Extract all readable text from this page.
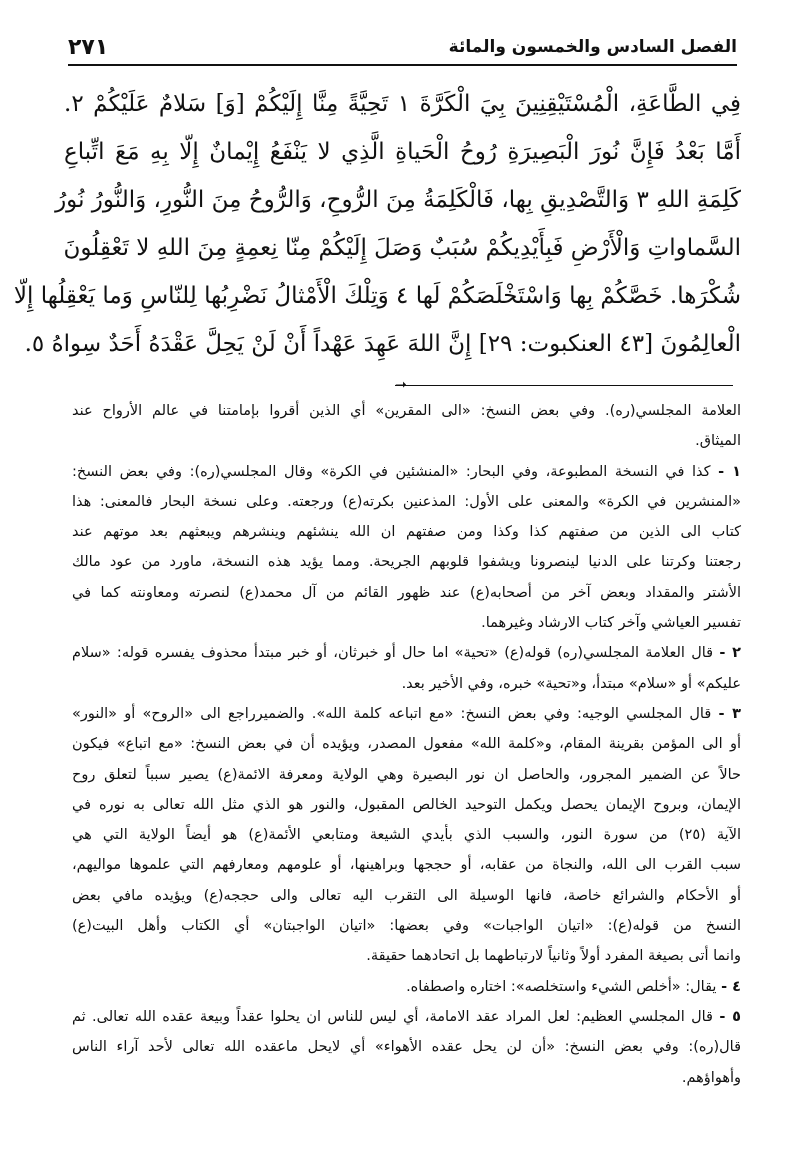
الفصل السادس والخمسون والمائة
٢٧١
فِي الطَّاعَةِ، الْمُسْتَيْقِنِينَ بِيَ الْكَرَّةَ ١ تَحِيَّةً مِنَّا إِلَيْكُمْ [وَ] سَلامٌ عَلَيْكُمْ ٢.
أَمَّا بَعْدُ فَإِنَّ نُورَ الْبَصِيرَةِ رُوحُ الْحَياةِ الَّذِي لا يَنْفَعُ إِيْمانٌ إِلّا بِهِ مَعَ اتِّباعِ
كَلِمَةِ اللهِ ٣ وَالتَّصْدِيقِ بِها، فَالْكَلِمَةُ مِنَ الرُّوحِ، وَالرُّوحُ مِنَ النُّورِ، وَالنُّورُ نُورُ
السَّماواتِ وَالْأَرْضِ فَبِأَيْدِيكُمْ سُبَبٌ وَصَلَ إِلَيْكُمْ مِنّا نِعمِةٍ مِنَ اللهِ لا تَعْقِلُونَ
شُكْرَها. خَصَّكُمْ بِها وَاسْتَخْلَصَكُمْ لَها ٤ وَتِلْكَ الْأَمْثالُ نَضْرِبُها لِلنّاسِ وَما يَعْقِلُها إِلّا
الْعالِمُونَ [٤٣ العنكبوت: ٢٩] إِنَّ اللهَ عَهِدَ عَهْداً أَنْ لَنْ يَحِلَّ عَقْدَهُ أَحَدٌ سِواهُ ٥.
➝
العلامة المجلسي(ره). وفي بعض النسخ: «الى المقرين» أي الذين أقروا بإمامتنا في عالم الأرواح عند
الميثاق.
١ - كذا في النسخة المطبوعة، وفي البحار: «المنشئين في الكرة» وقال المجلسي(ره): وفي بعض النسخ:
«المنشرين في الكرة» والمعنى على الأول: المذعنين بكرته(ع) ورجعته. وعلى نسخة البحار فالمعنى: هذا
كتاب الى الذين من صفتهم كذا وكذا ومن صفتهم ان الله ينشئهم وينشرهم ويبعثهم بعد موتهم عند
رجعتنا وكرتنا على الدنيا لينصرونا ويشفوا قلوبهم الجريحة. ومما يؤيد هذه النسخة، ماورد من عود مالك
الأشتر والمقداد وبعض آخر من أصحابه(ع) عند ظهور القائم من آل محمد(ع) لنصرته ومعاونته كما في
تفسير العياشي وآخر كتاب الارشاد وغيرهما.
٢ - قال العلامة المجلسي(ره) قوله(ع) «تحية» اما حال أو خبرثان، أو خبر مبتدأ محذوف يفسره قوله: «سلام
عليكم» أو «سلام» مبتدأ، و«تحية» خبره، وفي الأخير بعد.
٣ - قال المجلسي الوجيه: وفي بعض النسخ: «مع اتباعه كلمة الله». والضميرراجع الى «الروح» أو «النور»
أو الى المؤمن بقرينة المقام، و«كلمة الله» مفعول المصدر، ويؤيده أن في بعض النسخ: «مع اتباع» فيكون
حالاً عن الضمير المجرور، والحاصل ان نور البصيرة وهي الولاية ومعرفة الائمة(ع) يصير سبباً لتعلق روح
الإيمان، وبروح الإيمان يحصل ويكمل التوحيد الخالص المقبول، والنور هو الذي مثل الله تعالى به نوره في
الآية (٢٥) من سورة النور، والسبب الذي بأيدي الشيعة ومتابعي الأئمة(ع) هو أيضاً الولاية التي هي
سبب القرب الى الله، والنجاة من عقابه، أو حججها وبراهينها، أو علومهم ومعارفهم التي علموها مواليهم،
أو الأحكام والشرائع خاصة، فانها الوسيلة الى التقرب اليه تعالى والى حججه(ع) ويؤيده مافي بعض
النسخ من قوله(ع): «اتيان الواجبات» وفي بعضها: «اتيان الواجبتان» أي الكتاب وأهل البيت(ع)
وانما أتى بصيغة المفرد أولاً وثانياً لارتباطهما بل اتحادهما حقيقة.
٤ - يقال: «أخلص الشيء واستخلصه»: اختاره واصطفاه.
٥ - قال المجلسي العظيم: لعل المراد عقد الامامة، أي ليس للناس ان يحلوا عقداً وبيعة عقده الله تعالى. ثم
قال(ره): وفي بعض النسخ: «أن لن يحل عقده الأهواء» أي لايحل ماعقده الله تعالى لأحد آراء الناس
وأهواؤهم.
